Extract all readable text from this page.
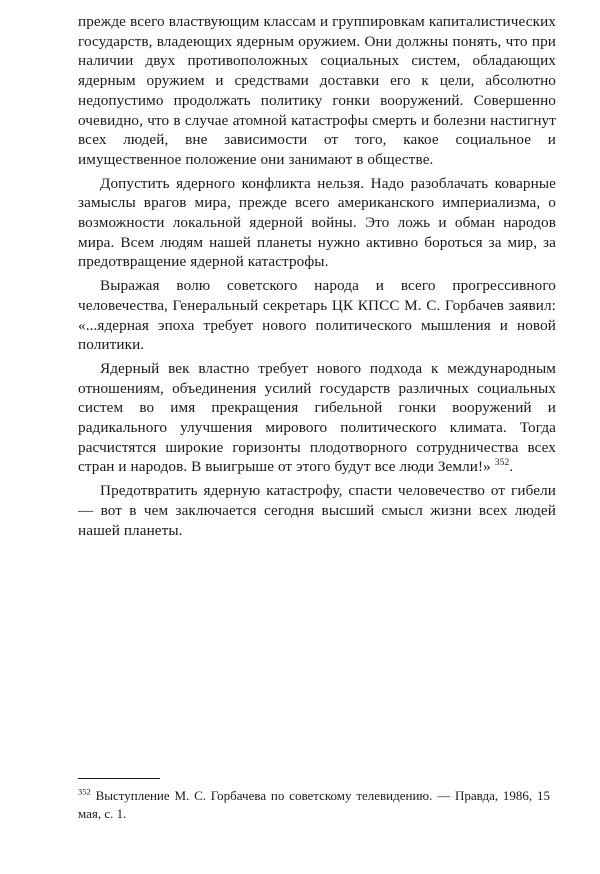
прежде всего властвующим классам и группировкам капиталистических государств, владеющих ядерным оружием. Они должны понять, что при наличии двух противоположных социальных систем, обладающих ядерным оружием и средствами доставки его к цели, абсолютно недопустимо продолжать политику гонки вооружений. Совершенно очевидно, что в случае атомной катастрофы смерть и болезни настигнут всех людей, вне зависимости от того, какое социальное и имущественное положение они занимают в обществе.

Допустить ядерного конфликта нельзя. Надо разоблачать коварные замыслы врагов мира, прежде всего американского империализма, о возможности локальной ядерной войны. Это ложь и обман народов мира. Всем людям нашей планеты нужно активно бороться за мир, за предотвращение ядерной катастрофы.

Выражая волю советского народа и всего прогрессивного человечества, Генеральный секретарь ЦК КПСС М. С. Горбачев заявил: «...ядерная эпоха требует нового политического мышления и новой политики.

Ядерный век властно требует нового подхода к международным отношениям, объединения усилий государств различных социальных систем во имя прекращения гибельной гонки вооружений и радикального улучшения мирового политического климата. Тогда расчистятся широкие горизонты плодотворного сотрудничества всех стран и народов. В выигрыше от этого будут все люди Земли!» $^{352}$.

Предотвратить ядерную катастрофу, спасти человечество от гибели — вот в чем заключается сегодня высший смысл жизни всех людей нашей планеты.

$^{352}$ Выступление М. С. Горбачева по советскому телевидению. — Правда, 1986, 15 мая, с. 1.
